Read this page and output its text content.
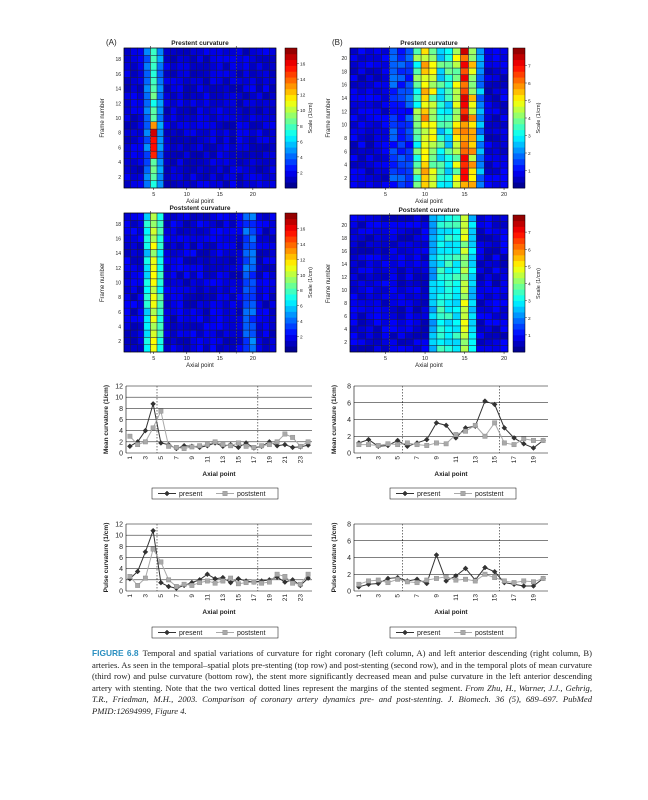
(A)	Prestent curvature
5	10	15	20
Axial point
2
4
6
8
10
12
14
16
18
Frame number
2
4
6
8
10
12
14
16
Scale (1/cm)
Poststent curvature
5	10	15	20
Axial point
2
4
6
8
10
12
14
16
18
Frame number
2
4
6
8
10
12
14
16
Scale (1/cm)
(B)	Prestent curvature
5	10	15	20
Axial point
2
4
6
8
10
12
14
16
18
20
Frame number
1
2
3
4
5
6
7
Scale (1/cm)
Poststent curvature
5	10	15	20
Axial point
2
4
6
8
10
12
14
16
18
20
Frame number
1
2
3
4
5
6
7
Scale (1/cm)
0
2
4
6
8
10
12
1 3 5 7 9 11 13 15 17 19 21 23
Axial point
Mean curvature (1/cm)
present	poststent
0
2
4
6
8
1 3 5 7 9 11 13 15 17 19
Axial point
Mean curvature (1/cm)
present	poststent
0
2
4
6
8
10
12
1 3 5 7 9 11 13 15 17 19 21 23
Axial point
Pulse curvature (1/cm)
present	poststent
0
2
4
6
8
1 3 5 7 9 11 13 15 17 19
Axial point
Pulse curvature (1/cm)
present	poststent
FIGURE 6.8 Temporal and spatial variations of curvature for right coronary (left column, A) and left anterior descending (right column, B) arteries. As seen in the temporal–spatial plots pre-stenting (top row) and post-stenting (second row), and in the temporal plots of mean curvature (third row) and pulse curvature (bottom row), the stent more significantly decreased mean and pulse curvature in the left anterior descending artery with stenting. Note that the two vertical dotted lines represent the margins of the stented segment. From Zhu, H., Warner, J.J., Gehrig, T.R., Friedman, M.H., 2003. Comparison of coronary artery dynamics pre- and post-stenting. J. Biomech. 36 (5), 689–697. PubMed PMID:12694999, Figure 4.
